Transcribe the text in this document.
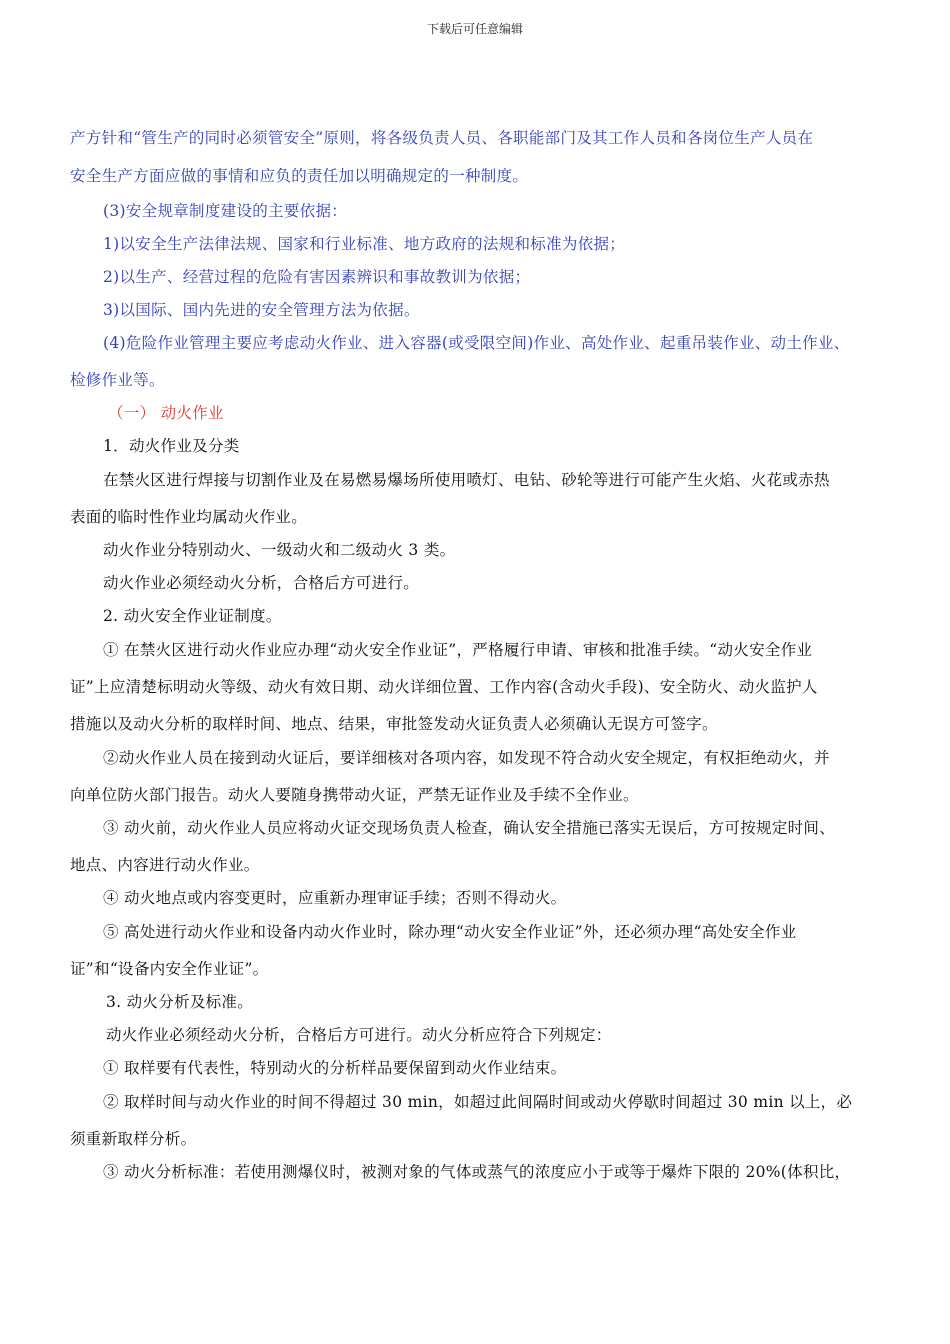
下载后可任意编辑
产方针和“管生产的同时必须管安全”原则，将各级负责人员、各职能部门及其工作人员和各岗位生产人员在
安全生产方面应做的事情和应负的责任加以明确规定的一种制度。
(3)安全规章制度建设的主要依据：
1)以安全生产法律法规、国家和行业标准、地方政府的法规和标准为依据；
2)以生产、经营过程的危险有害因素辨识和事故教训为依据；
3)以国际、国内先进的安全管理方法为依据。
(4)危险作业管理主要应考虑动火作业、进入容器(或受限空间)作业、高处作业、起重吊装作业、动土作业、
检修作业等。
（一） 动火作业
1．动火作业及分类
在禁火区进行焊接与切割作业及在易燃易爆场所使用喷灯、电钻、砂轮等进行可能产生火焰、火花或赤热
表面的临时性作业均属动火作业。
动火作业分特别动火、一级动火和二级动火 3 类。
动火作业必须经动火分析，合格后方可进行。
2. 动火安全作业证制度。
① 在禁火区进行动火作业应办理“动火安全作业证”，严格履行申请、审核和批准手续。“动火安全作业
证”上应清楚标明动火等级、动火有效日期、动火详细位置、工作内容(含动火手段)、安全防火、动火监护人
措施以及动火分析的取样时间、地点、结果，审批签发动火证负责人必须确认无误方可签字。
②动火作业人员在接到动火证后，要详细核对各项内容，如发现不符合动火安全规定，有权拒绝动火，并
向单位防火部门报告。动火人要随身携带动火证，严禁无证作业及手续不全作业。
③ 动火前，动火作业人员应将动火证交现场负责人检查，确认安全措施已落实无误后，方可按规定时间、
地点、内容进行动火作业。
④ 动火地点或内容变更时，应重新办理审证手续；否则不得动火。
⑤ 高处进行动火作业和设备内动火作业时，除办理“动火安全作业证”外，还必须办理“高处安全作业
证”和“设备内安全作业证”。
3. 动火分析及标准。
动火作业必须经动火分析，合格后方可进行。动火分析应符合下列规定：
① 取样要有代表性，特别动火的分析样品要保留到动火作业结束。
② 取样时间与动火作业的时间不得超过 30 min，如超过此间隔时间或动火停歇时间超过 30 min 以上，必
须重新取样分析。
③ 动火分析标准：若使用测爆仪时，被测对象的气体或蒸气的浓度应小于或等于爆炸下限的 20%(体积比，
